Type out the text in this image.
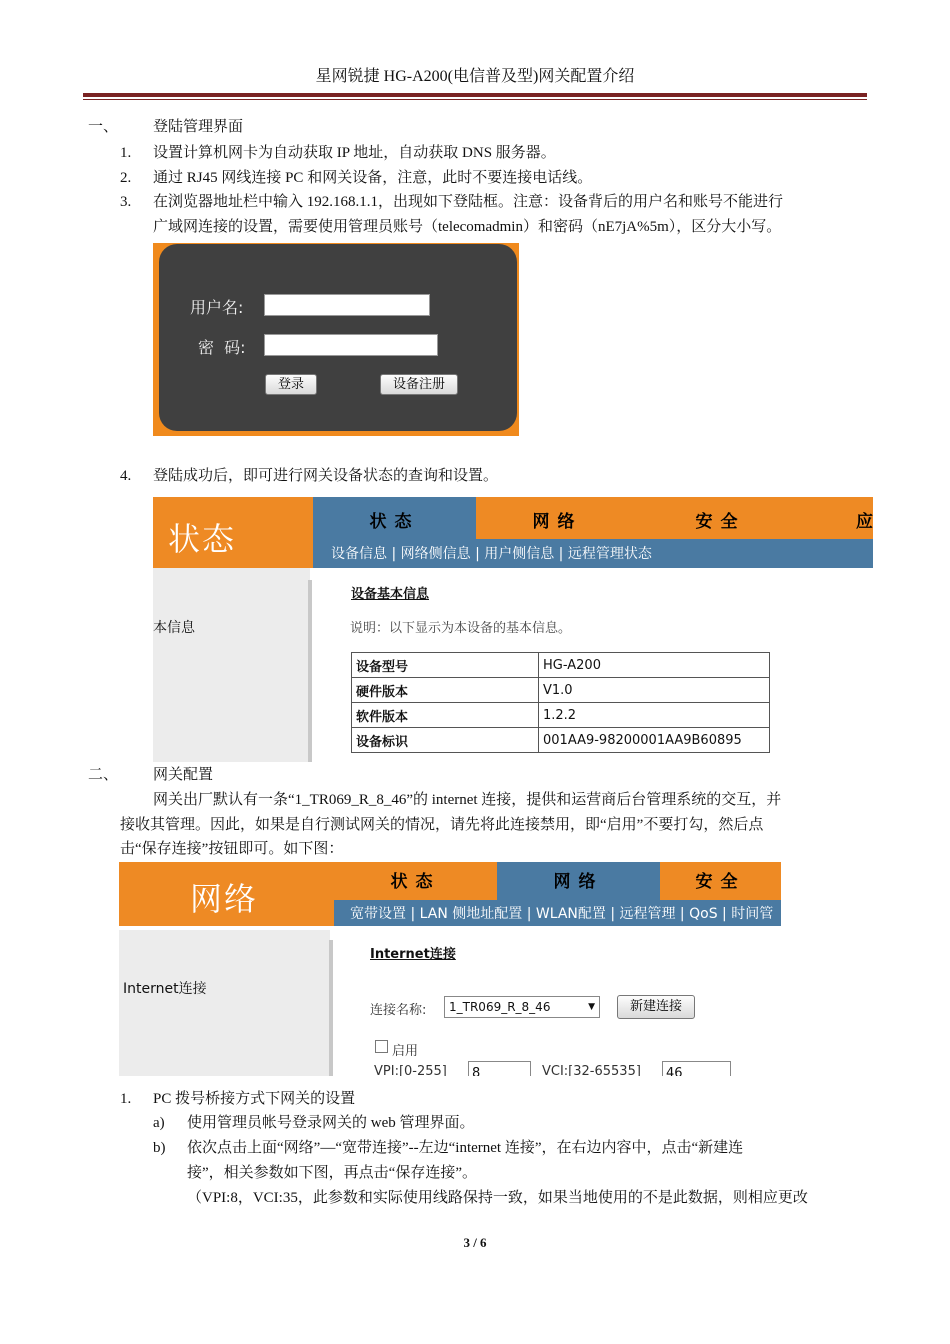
星网锐捷 HG-A200(电信普及型)网关配置介绍
一、 登陆管理界面
1. 设置计算机网卡为自动获取 IP 地址，自动获取 DNS 服务器。
2. 通过 RJ45 网线连接 PC 和网关设备，注意，此时不要连接电话线。
3. 在浏览器地址栏中输入 192.168.1.1，出现如下登陆框。注意：设备背后的用户名和账号不能进行
广域网连接的设置，需要使用管理员账号（telecomadmin）和密码（nE7jA%5m），区分大小写。
用户名:
密  码:
登录	设备注册
4. 登陆成功后，即可进行网关设备状态的查询和设置。
状态	状态	网络	安全	应
设备信息 | 网络侧信息 | 用户侧信息 | 远程管理状态
本信息
设备基本信息
说明：以下显示为本设备的基本信息。
设备型号	HG-A200
硬件版本	V1.0
软件版本	1.2.2
设备标识	001AA9-98200001AA9B60895
二、 网关配置
网关出厂默认有一条“1_TR069_R_8_46”的 internet 连接，提供和运营商后台管理系统的交互，并
接收其管理。因此，如果是自行测试网关的情况，请先将此连接禁用，即“启用”不要打勾，然后点
击“保存连接”按钮即可。如下图：
网络	状态	网络	安全
宽带设置 | LAN 侧地址配置 | WLAN配置 | 远程管理 | QoS | 时间管
Internet连接
Internet连接
连接名称:	1_TR069_R_8_46	▼	新建连接
启用
VPI:[0-255]	8	VCI:[32-65535]	46
1. PC 拨号桥接方式下网关的设置
a) 使用管理员帐号登录网关的 web 管理界面。
b) 依次点击上面“网络”—“宽带连接”--左边“internet 连接”，在右边内容中，点击“新建连
接”，相关参数如下图，再点击“保存连接”。
（VPI:8，VCI:35，此参数和实际使用线路保持一致，如果当地使用的不是此数据，则相应更改
3 / 6
